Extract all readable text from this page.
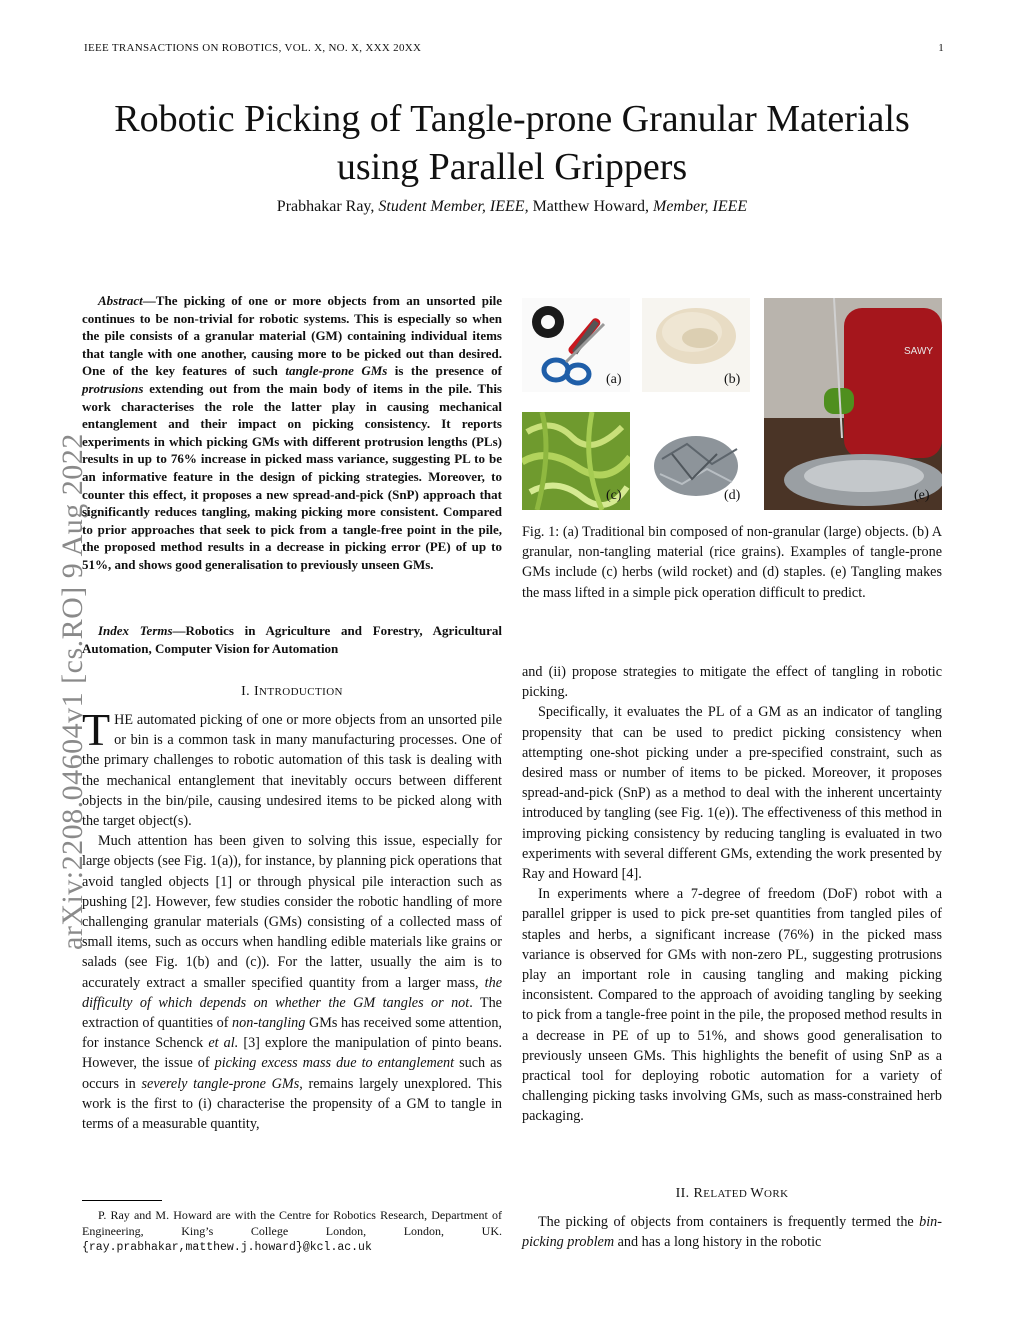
IEEE TRANSACTIONS ON ROBOTICS, VOL. X, NO. X, XXX 20XX	1
Robotic Picking of Tangle-prone Granular Materials
using Parallel Grippers
Prabhakar Ray, Student Member, IEEE, Matthew Howard, Member, IEEE
arXiv:2208.04604v1 [cs.RO] 9 Aug 2022

Abstract—The picking of one or more objects from an unsorted pile continues to be non-trivial for robotic systems. This is especially so when the pile consists of a granular material (GM) containing individual items that tangle with one another, causing more to be picked out than desired. One of the key features of such tangle-prone GMs is the presence of protrusions extending out from the main body of items in the pile. This work characterises the role the latter play in causing mechanical entanglement and their impact on picking consistency. It reports experiments in which picking GMs with different protrusion lengths (PLs) results in up to 76% increase in picked mass variance, suggesting PL to be an informative feature in the design of picking strategies. Moreover, to counter this effect, it proposes a new spread-and-pick (SnP) approach that significantly reduces tangling, making picking more consistent. Compared to prior approaches that seek to pick from a tangle-free point in the pile, the proposed method results in a decrease in picking error (PE) of up to 51%, and shows good generalisation to previously unseen GMs.

Index Terms—Robotics in Agriculture and Forestry, Agricultural Automation, Computer Vision for Automation

I. INTRODUCTION

THE automated picking of one or more objects from an unsorted pile or bin is a common task in many manufacturing processes. One of the primary challenges to robotic automation of this task is dealing with the mechanical entanglement that inevitably occurs between different objects in the bin/pile, causing undesired items to be picked along with the target object(s).

Much attention has been given to solving this issue, especially for large objects (see Fig. 1(a)), for instance, by planning pick operations that avoid tangled objects [1] or through physical pile interaction such as pushing [2]. However, few studies consider the robotic handling of more challenging granular materials (GMs) consisting of a collected mass of small items, such as occurs when handling edible materials like grains or salads (see Fig. 1(b) and (c)). For the latter, usually the aim is to accurately extract a smaller specified quantity from a larger mass, the difficulty of which depends on whether the GM tangles or not. The extraction of quantities of non-tangling GMs has received some attention, for instance Schenck et al. [3] explore the manipulation of pinto beans. However, the issue of picking excess mass due to entanglement such as occurs in severely tangle-prone GMs, remains largely unexplored. This work is the first to (i) characterise the propensity of a GM to tangle in terms of a measurable quantity,

P. Ray and M. Howard are with the Centre for Robotics Research, Department of Engineering, King’s College London, London, UK. {ray.prabhakar,matthew.j.howard}@kcl.ac.uk

(a)	(b)
(c)	(d)
SAWY
(e)

Fig. 1: (a) Traditional bin composed of non-granular (large) objects. (b) A granular, non-tangling material (rice grains). Examples of tangle-prone GMs include (c) herbs (wild rocket) and (d) staples. (e) Tangling makes the mass lifted in a simple pick operation difficult to predict.

and (ii) propose strategies to mitigate the effect of tangling in robotic picking.

Specifically, it evaluates the PL of a GM as an indicator of tangling propensity that can be used to predict picking consistency when attempting one-shot picking under a pre-specified constraint, such as desired mass or number of items to be picked. Moreover, it proposes spread-and-pick (SnP) as a method to deal with the inherent uncertainty introduced by tangling (see Fig. 1(e)). The effectiveness of this method in improving picking consistency by reducing tangling is evaluated in two experiments with several different GMs, extending the work presented by Ray and Howard [4].

In experiments where a 7-degree of freedom (DoF) robot with a parallel gripper is used to pick pre-set quantities from tangled piles of staples and herbs, a significant increase (76%) in the picked mass variance is observed for GMs with non-zero PL, suggesting protrusions play an important role in causing tangling and making picking inconsistent. Compared to the approach of avoiding tangling by seeking to pick from a tangle-free point in the pile, the proposed method results in a decrease in PE of up to 51%, and shows good generalisation to previously unseen GMs. This highlights the benefit of using SnP as a practical tool for deploying robotic automation for a variety of challenging picking tasks involving GMs, such as mass-constrained herb packaging.

II. RELATED WORK

The picking of objects from containers is frequently termed the bin-picking problem and has a long history in the robotic
